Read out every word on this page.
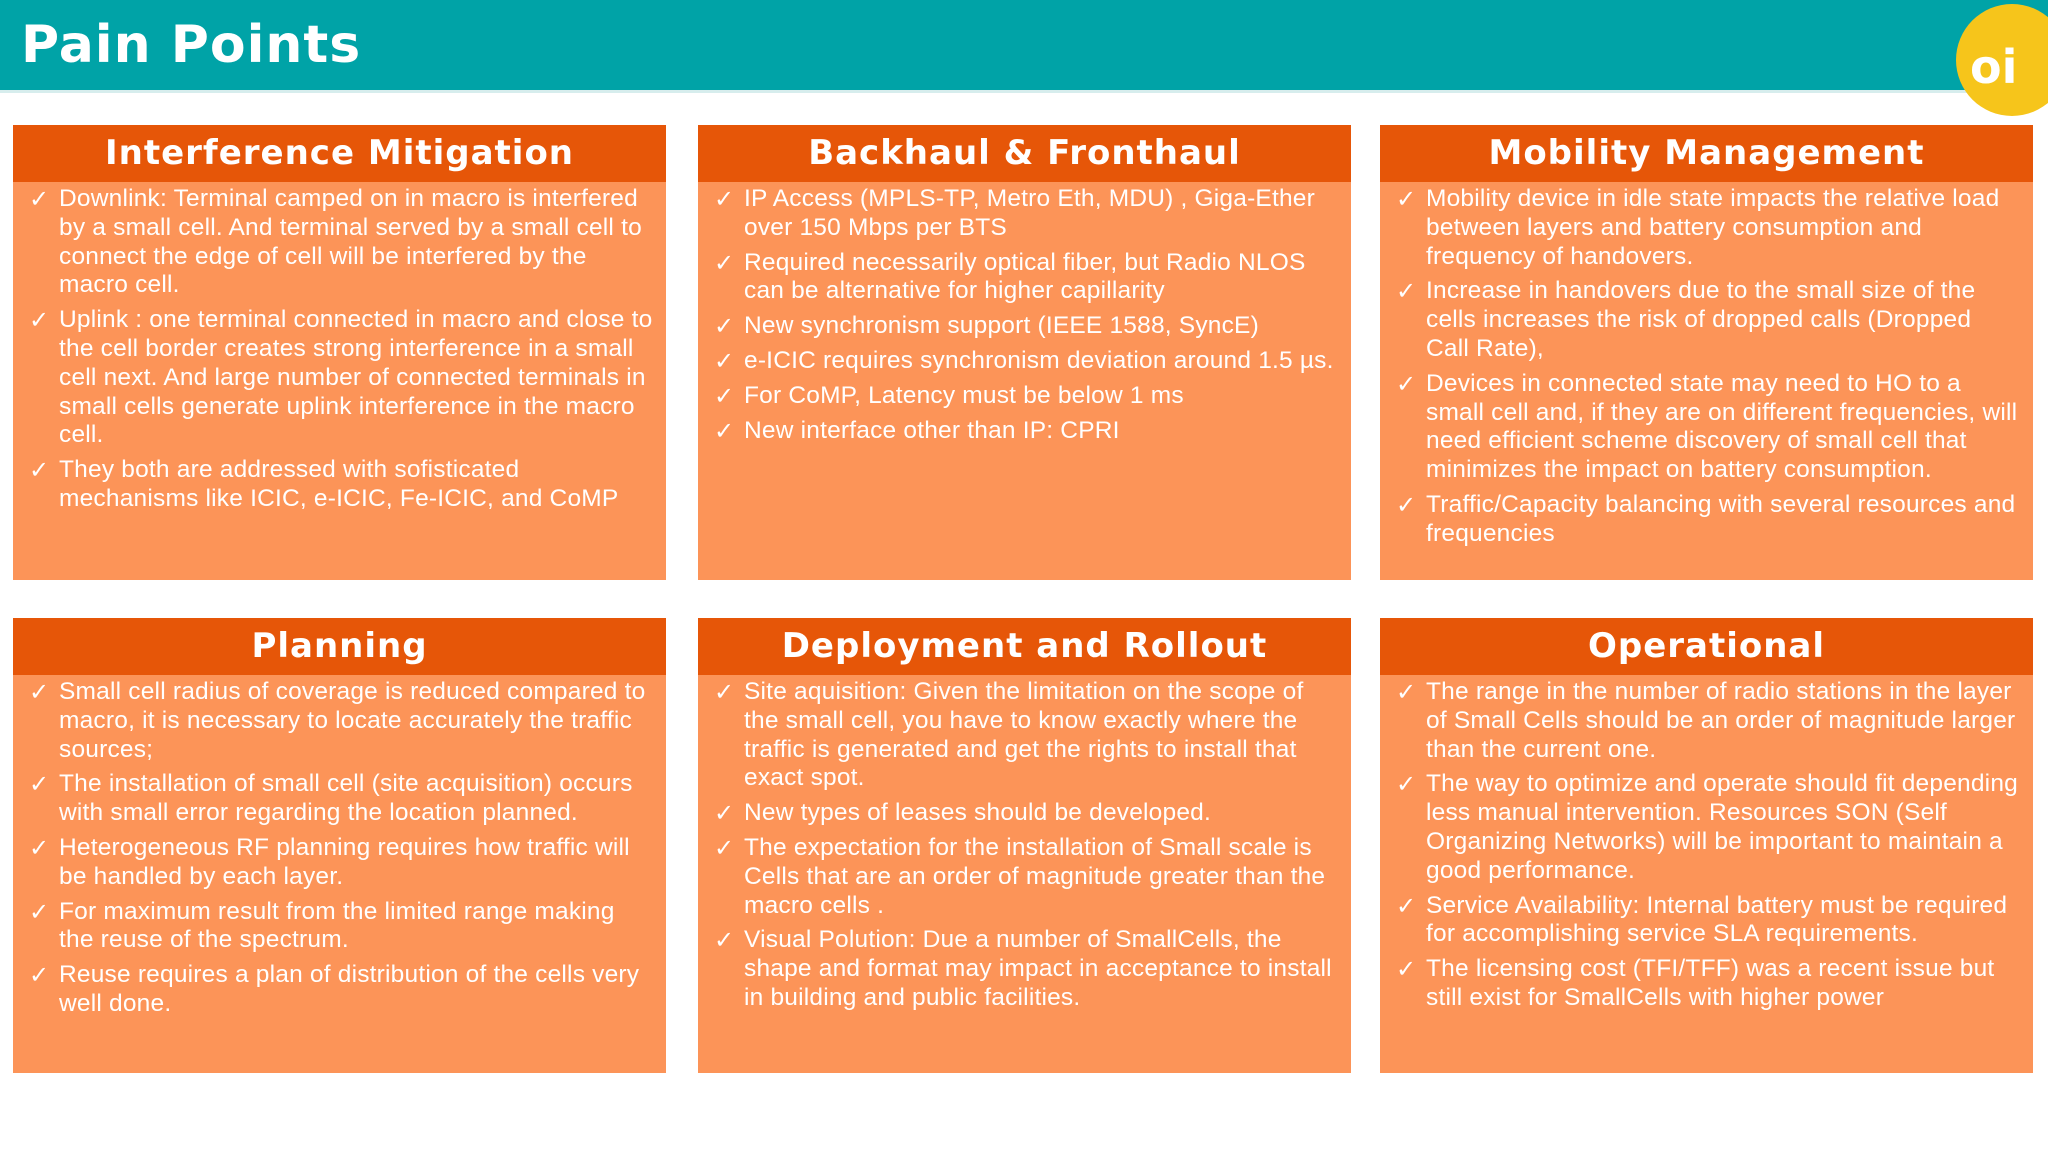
Pain Points	oi
Interference Mitigation
✓ Downlink: Terminal camped on in macro is interfered by a small cell. And terminal served by a small cell to connect the edge of cell will be interfered by the macro cell.
✓ Uplink : one terminal connected in macro and close to the cell border creates strong interference in a small cell next. And large number of connected terminals in small cells generate uplink interference in the macro cell.
✓ They both are addressed with sofisticated mechanisms like ICIC, e-ICIC, Fe-ICIC, and CoMP
Backhaul & Fronthaul
✓ IP Access (MPLS-TP, Metro Eth, MDU) , Giga-Ether over 150 Mbps per BTS
✓ Required necessarily optical fiber, but Radio NLOS can be alternative for higher capillarity
✓ New synchronism support (IEEE 1588, SyncE)
✓ e-ICIC requires synchronism deviation around 1.5 µs.
✓ For CoMP, Latency must be below 1 ms
✓ New interface other than IP: CPRI
Mobility Management
✓ Mobility device in idle state impacts the relative load between layers and battery consumption and frequency of handovers.
✓ Increase in handovers due to the small size of the cells increases the risk of dropped calls (Dropped Call Rate),
✓ Devices in connected state may need to HO to a small cell and, if they are on different frequencies, will need efficient scheme discovery of small cell that minimizes the impact on battery consumption.
✓ Traffic/Capacity balancing with several resources and frequencies
Planning
✓ Small cell radius of coverage is reduced compared to macro, it is necessary to locate accurately the traffic sources;
✓ The installation of small cell (site acquisition) occurs with small error regarding the location planned.
✓ Heterogeneous RF planning requires how traffic will be handled by each layer.
✓ For maximum result from the limited range making the reuse of the spectrum.
✓ Reuse requires a plan of distribution of the cells very well done.
Deployment and Rollout
✓ Site aquisition: Given the limitation on the scope of the small cell, you have to know exactly where the traffic is generated and get the rights to install that exact spot.
✓ New types of leases should be developed.
✓ The expectation for the installation of Small scale is Cells that are an order of magnitude greater than the macro cells .
✓ Visual Polution: Due a number of SmallCells, the shape and format may impact in acceptance to install in building and public facilities.
Operational
✓ The range in the number of radio stations in the layer of Small Cells should be an order of magnitude larger than the current one.
✓ The way to optimize and operate should fit depending less manual intervention. Resources SON (Self Organizing Networks) will be important to maintain a good performance.
✓ Service Availability: Internal battery must be required for accomplishing service SLA requirements.
✓ The licensing cost (TFI/TFF) was a recent issue but still exist for SmallCells with higher power
